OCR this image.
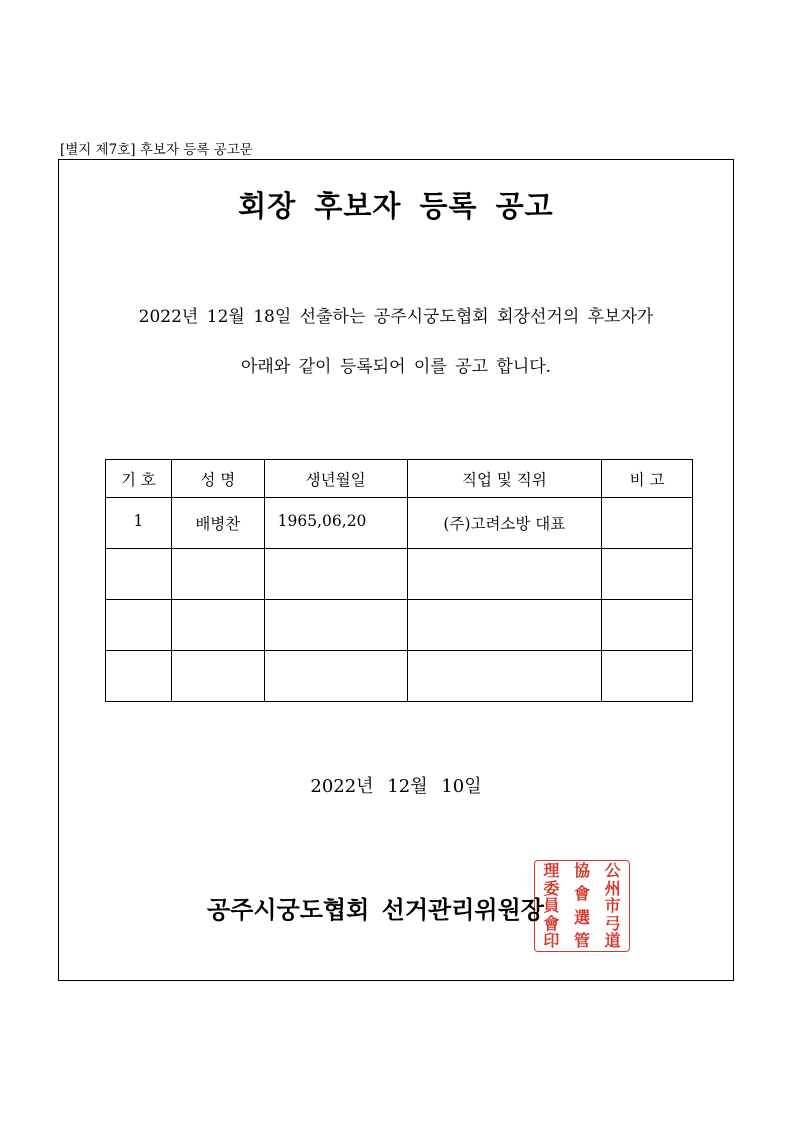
[별지 제7호] 후보자 등록 공고문
회장 후보자 등록 공고
2022년 12월 18일 선출하는 공주시궁도협회 회장선거의 후보자가
아래와 같이 등록되어 이를 공고 합니다.
기 호	성 명	생년월일	직업 및 직위	비 고
1	배병찬	1965,06,20	(주)고려소방 대표	

2022년 12월 10일
공주시궁도협회 선거관리위원장
公
州
市
弓
道
協
會
選
管
理
委
員
會
印
